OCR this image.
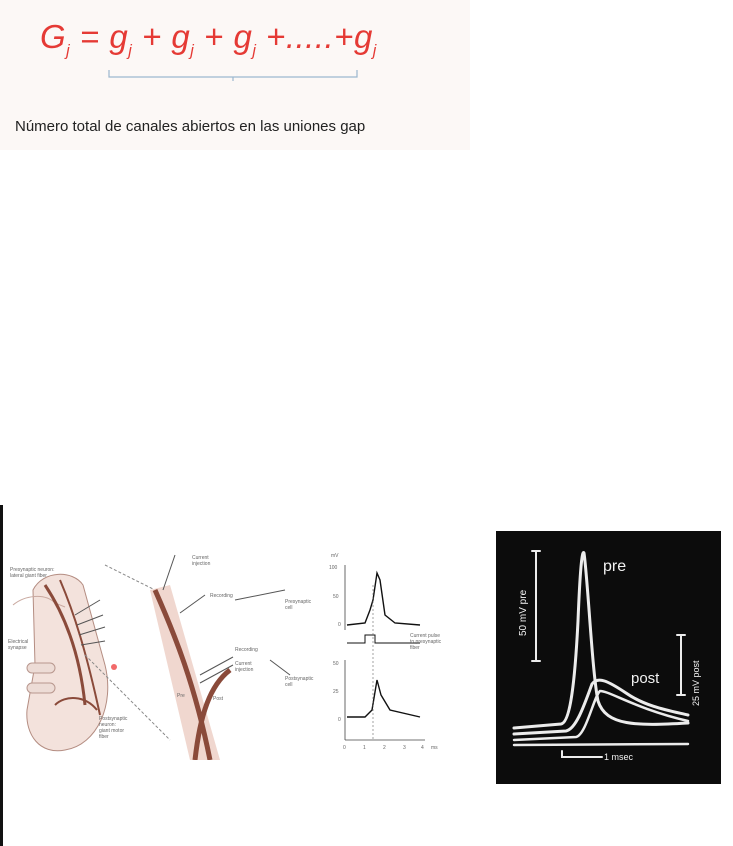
$G_j = g_j + g_j + g_j +.....+g_j$
Número total de canales abiertos en las uniones gap
Presynaptic neuron:
lateral giant fiber
Electrical
synapse
Postsynaptic
neuron:
giant motor
fiber
Current
injection
Recording
Recording
Current
injection
Pre	Post
Presynaptic
cell
Postsynaptic
cell
mV
100
50
0
50
25
0
0	1	2	3	4 ms
Current pulse
to presynaptic
fiber
pre
post
50 mV pre
25 mV post
1 msec
